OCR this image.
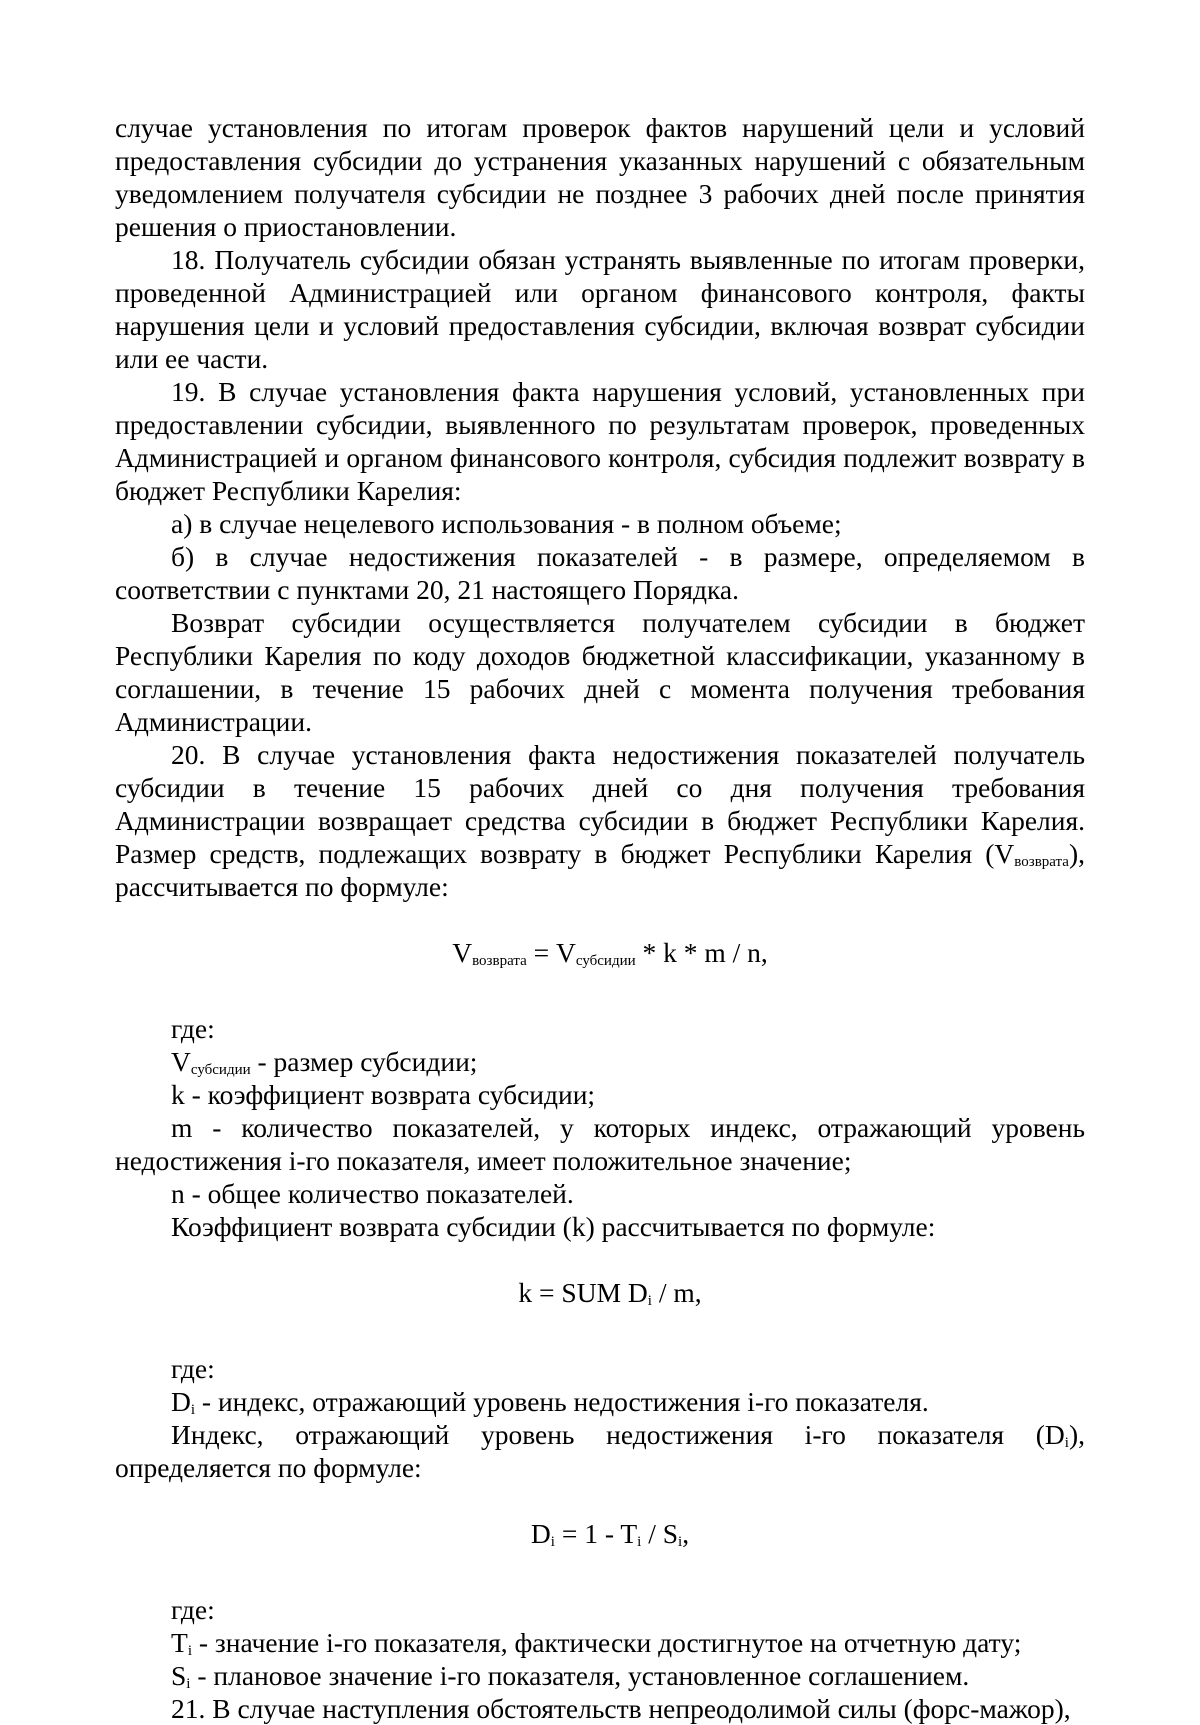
случае установления по итогам проверок фактов нарушений цели и условий предоставления субсидии до устранения указанных нарушений с обязательным уведомлением получателя субсидии не позднее 3 рабочих дней после принятия решения о приостановлении.

18. Получатель субсидии обязан устранять выявленные по итогам проверки, проведенной Администрацией или органом финансового контроля, факты нарушения цели и условий предоставления субсидии, включая возврат субсидии или ее части.

19. В случае установления факта нарушения условий, установленных при предоставлении субсидии, выявленного по результатам проверок, проведенных Администрацией и органом финансового контроля, субсидия подлежит возврату в бюджет Республики Карелия:

а) в случае нецелевого использования - в полном объеме;

б) в случае недостижения показателей - в размере, определяемом в соответствии с пунктами 20, 21 настоящего Порядка.

Возврат субсидии осуществляется получателем субсидии в бюджет Республики Карелия по коду доходов бюджетной классификации, указанному в соглашении, в течение 15 рабочих дней с момента получения требования Администрации.

20. В случае установления факта недостижения показателей получатель субсидии в течение 15 рабочих дней со дня получения требования Администрации возвращает средства субсидии в бюджет Республики Карелия. Размер средств, подлежащих возврату в бюджет Республики Карелия $(V_{возврата})$, рассчитывается по формуле:

$V_{возврата} = V_{субсидии} * k * m / n$,

где:

$V_{субсидии}$ - размер субсидии;

k - коэффициент возврата субсидии;

m - количество показателей, у которых индекс, отражающий уровень недостижения i-го показателя, имеет положительное значение;

n - общее количество показателей.

Коэффициент возврата субсидии (k) рассчитывается по формуле:

k = SUM $D_i$ / m,

где:

$D_i$ - индекс, отражающий уровень недостижения i-го показателя.

Индекс, отражающий уровень недостижения i-го показателя $(D_i)$, определяется по формуле:

$D_i = 1 - T_i / S_i$,

где:

$T_i$ - значение i-го показателя, фактически достигнутое на отчетную дату;

$S_i$ - плановое значение i-го показателя, установленное соглашением.

21. В случае наступления обстоятельств непреодолимой силы (форс-мажор),
